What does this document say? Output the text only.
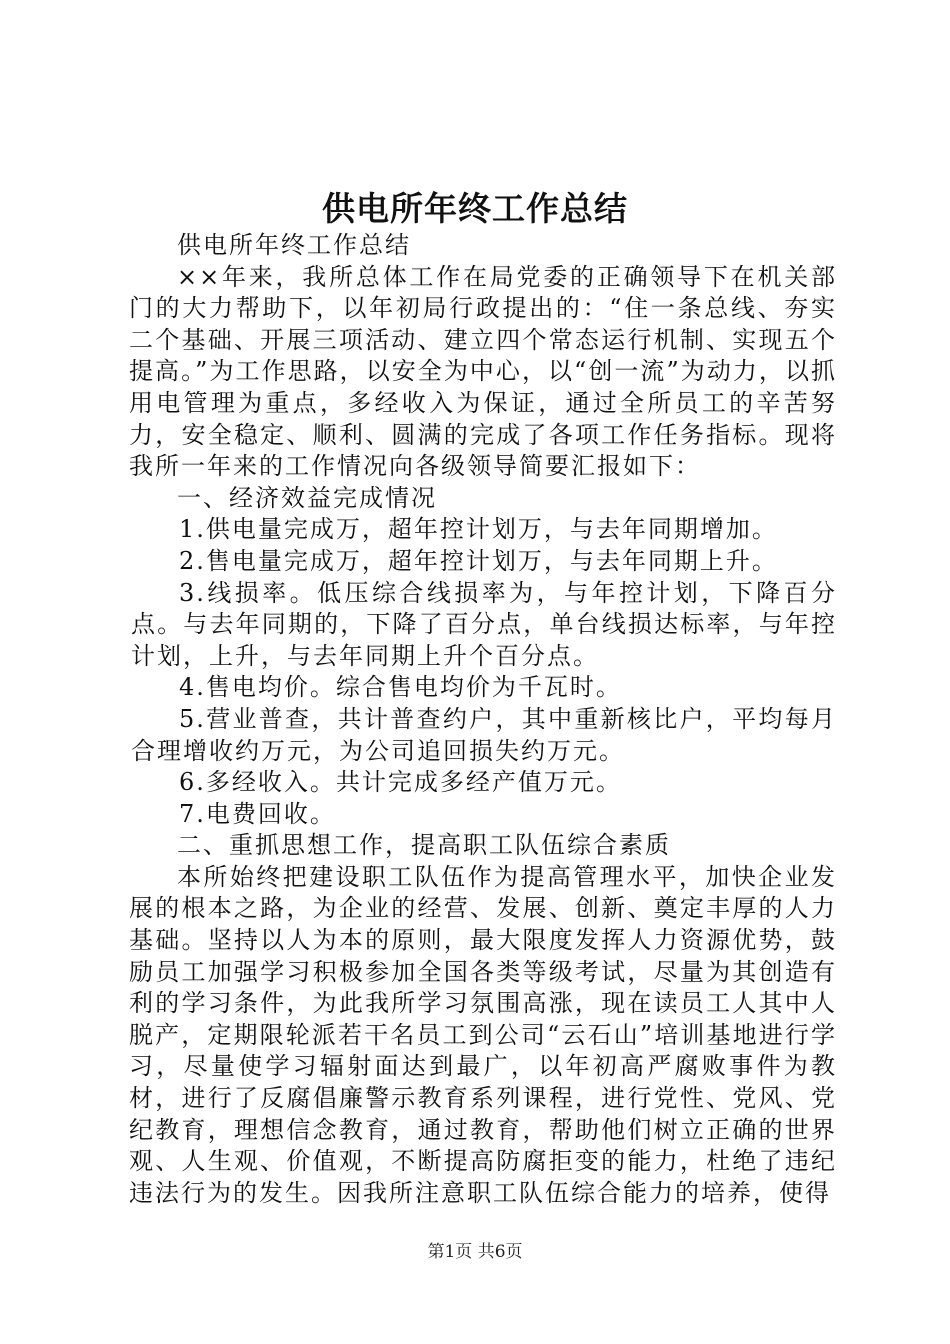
供电所年终工作总结

供电所年终工作总结

××年来，我所总体工作在局党委的正确领导下在机关部门的大力帮助下，以年初局行政提出的：“住一条总线、夯实二个基础、开展三项活动、建立四个常态运行机制、实现五个提高。”为工作思路，以安全为中心，以“创一流”为动力，以抓用电管理为重点，多经收入为保证，通过全所员工的辛苦努力，安全稳定、顺利、圆满的完成了各项工作任务指标。现将我所一年来的工作情况向各级领导简要汇报如下：

一、经济效益完成情况

1.供电量完成万，超年控计划万，与去年同期增加。

2.售电量完成万，超年控计划万，与去年同期上升。

3.线损率。低压综合线损率为，与年控计划，下降百分点。与去年同期的，下降了百分点，单台线损达标率，与年控计划，上升，与去年同期上升个百分点。

4.售电均价。综合售电均价为千瓦时。

5.营业普查，共计普查约户，其中重新核比户，平均每月合理增收约万元，为公司追回损失约万元。

6.多经收入。共计完成多经产值万元。

7.电费回收。

二、重抓思想工作，提高职工队伍综合素质

本所始终把建设职工队伍作为提高管理水平，加快企业发展的根本之路，为企业的经营、发展、创新、奠定丰厚的人力基础。坚持以人为本的原则，最大限度发挥人力资源优势，鼓励员工加强学习积极参加全国各类等级考试，尽量为其创造有利的学习条件，为此我所学习氛围高涨，现在读员工人其中人脱产，定期限轮派若干名员工到公司“云石山”培训基地进行学习，尽量使学习辐射面达到最广，以年初高严腐败事件为教材，进行了反腐倡廉警示教育系列课程，进行党性、党风、党纪教育，理想信念教育，通过教育，帮助他们树立正确的世界观、人生观、价值观，不断提高防腐拒变的能力，杜绝了违纪违法行为的发生。因我所注意职工队伍综合能力的培养，使得

第1页 共6页
